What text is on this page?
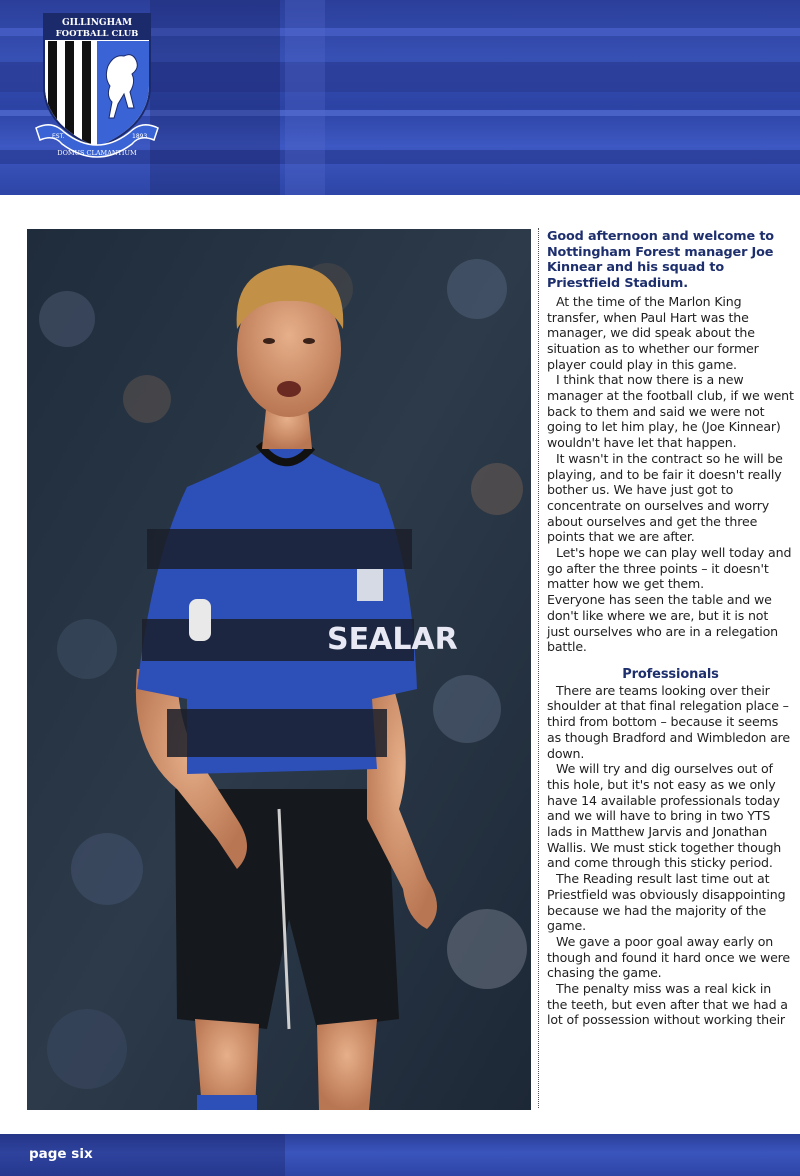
GILLINGHAM
FOOTBALL CLUB
EST.	1893
DOMUS CLAMANTIUM
SEALAR
Good afternoon and welcome to Nottingham Forest manager Joe Kinnear and his squad to Priestfield Stadium.

At the time of the Marlon King transfer, when Paul Hart was the manager, we did speak about the situation as to whether our former player could play in this game.

I think that now there is a new manager at the football club, if we went back to them and said we were not going to let him play, he (Joe Kinnear) wouldn't have let that happen.

It wasn't in the contract so he will be playing, and to be fair it doesn't really bother us. We have just got to concentrate on ourselves and worry about ourselves and get the three points that we are after.

Let's hope we can play well today and go after the three points – it doesn't matter how we get them.

Everyone has seen the table and we don't like where we are, but it is not just ourselves who are in a relegation battle.

Professionals

There are teams looking over their shoulder at that final relegation place – third from bottom – because it seems as though Bradford and Wimbledon are down.

We will try and dig ourselves out of this hole, but it's not easy as we only have 14 available professionals today and we will have to bring in two YTS lads in Matthew Jarvis and Jonathan Wallis. We must stick together though and come through this sticky period.

The Reading result last time out at Priestfield was obviously disappointing because we had the majority of the game.

We gave a poor goal away early on though and found it hard once we were chasing the game.

The penalty miss was a real kick in the teeth, but even after that we had a lot of possession without working their

page six
